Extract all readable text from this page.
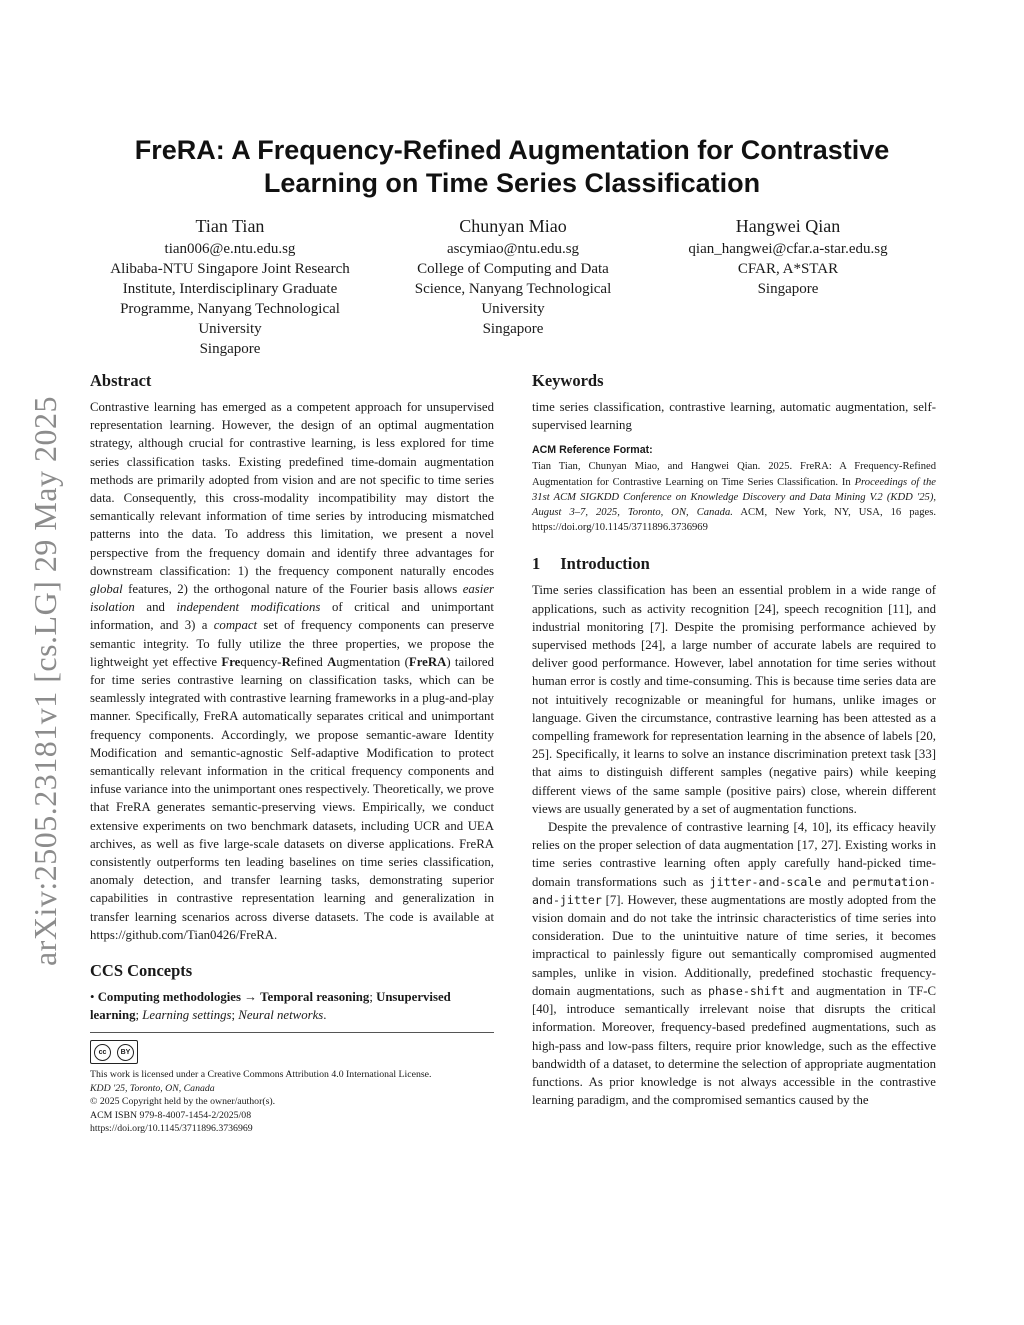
arXiv:2505.23181v1 [cs.LG] 29 May 2025
FreRA: A Frequency-Refined Augmentation for Contrastive Learning on Time Series Classification
Tian Tian
tian006@e.ntu.edu.sg
Alibaba-NTU Singapore Joint Research Institute, Interdisciplinary Graduate Programme, Nanyang Technological University
Singapore
Chunyan Miao
ascymiao@ntu.edu.sg
College of Computing and Data Science, Nanyang Technological University
Singapore
Hangwei Qian
qian_hangwei@cfar.a-star.edu.sg
CFAR, A*STAR
Singapore
Abstract

Contrastive learning has emerged as a competent approach for unsupervised representation learning. However, the design of an optimal augmentation strategy, although crucial for contrastive learning, is less explored for time series classification tasks. Existing predefined time-domain augmentation methods are primarily adopted from vision and are not specific to time series data. Consequently, this cross-modality incompatibility may distort the semantically relevant information of time series by introducing mismatched patterns into the data. To address this limitation, we present a novel perspective from the frequency domain and identify three advantages for downstream classification: 1) the frequency component naturally encodes global features, 2) the orthogonal nature of the Fourier basis allows easier isolation and independent modifications of critical and unimportant information, and 3) a compact set of frequency components can preserve semantic integrity. To fully utilize the three properties, we propose the lightweight yet effective Frequency-Refined Augmentation (FreRA) tailored for time series contrastive learning on classification tasks, which can be seamlessly integrated with contrastive learning frameworks in a plug-and-play manner. Specifically, FreRA automatically separates critical and unimportant frequency components. Accordingly, we propose semantic-aware Identity Modification and semantic-agnostic Self-adaptive Modification to protect semantically relevant information in the critical frequency components and infuse variance into the unimportant ones respectively. Theoretically, we prove that FreRA generates semantic-preserving views. Empirically, we conduct extensive experiments on two benchmark datasets, including UCR and UEA archives, as well as five large-scale datasets on diverse applications. FreRA consistently outperforms ten leading baselines on time series classification, anomaly detection, and transfer learning tasks, demonstrating superior capabilities in contrastive representation learning and generalization in transfer learning scenarios across diverse datasets. The code is available at https://github.com/Tian0426/FreRA.

CCS Concepts

• Computing methodologies → Temporal reasoning; Unsupervised learning; Learning settings; Neural networks.

cc	BY

This work is licensed under a Creative Commons Attribution 4.0 International License.

KDD '25, Toronto, ON, Canada

© 2025 Copyright held by the owner/author(s).

ACM ISBN 979-8-4007-1454-2/2025/08

https://doi.org/10.1145/3711896.3736969

Keywords

time series classification, contrastive learning, automatic augmentation, self-supervised learning

ACM Reference Format:

Tian Tian, Chunyan Miao, and Hangwei Qian. 2025. FreRA: A Frequency-Refined Augmentation for Contrastive Learning on Time Series Classification. In Proceedings of the 31st ACM SIGKDD Conference on Knowledge Discovery and Data Mining V.2 (KDD '25), August 3–7, 2025, Toronto, ON, Canada. ACM, New York, NY, USA, 16 pages. https://doi.org/10.1145/3711896.3736969

1 Introduction

Time series classification has been an essential problem in a wide range of applications, such as activity recognition [24], speech recognition [11], and industrial monitoring [7]. Despite the promising performance achieved by supervised methods [24], a large number of accurate labels are required to deliver good performance. However, label annotation for time series without human error is costly and time-consuming. This is because time series data are not intuitively recognizable or meaningful for humans, unlike images or language. Given the circumstance, contrastive learning has been attested as a compelling framework for representation learning in the absence of labels [20, 25]. Specifically, it learns to solve an instance discrimination pretext task [33] that aims to distinguish different samples (negative pairs) while keeping different views of the same sample (positive pairs) close, wherein different views are usually generated by a set of augmentation functions.

Despite the prevalence of contrastive learning [4, 10], its efficacy heavily relies on the proper selection of data augmentation [17, 27]. Existing works in time series contrastive learning often apply carefully hand-picked time-domain transformations such as jitter-and-scale and permutation-and-jitter [7]. However, these augmentations are mostly adopted from the vision domain and do not take the intrinsic characteristics of time series into consideration. Due to the unintuitive nature of time series, it becomes impractical to painlessly figure out semantically compromised augmented samples, unlike in vision. Additionally, predefined stochastic frequency-domain augmentations, such as phase-shift and augmentation in TF-C [40], introduce semantically irrelevant noise that disrupts the critical information. Moreover, frequency-based predefined augmentations, such as high-pass and low-pass filters, require prior knowledge, such as the effective bandwidth of a dataset, to determine the selection of appropriate augmentation functions. As prior knowledge is not always accessible in the contrastive learning paradigm, and the compromised semantics caused by the
